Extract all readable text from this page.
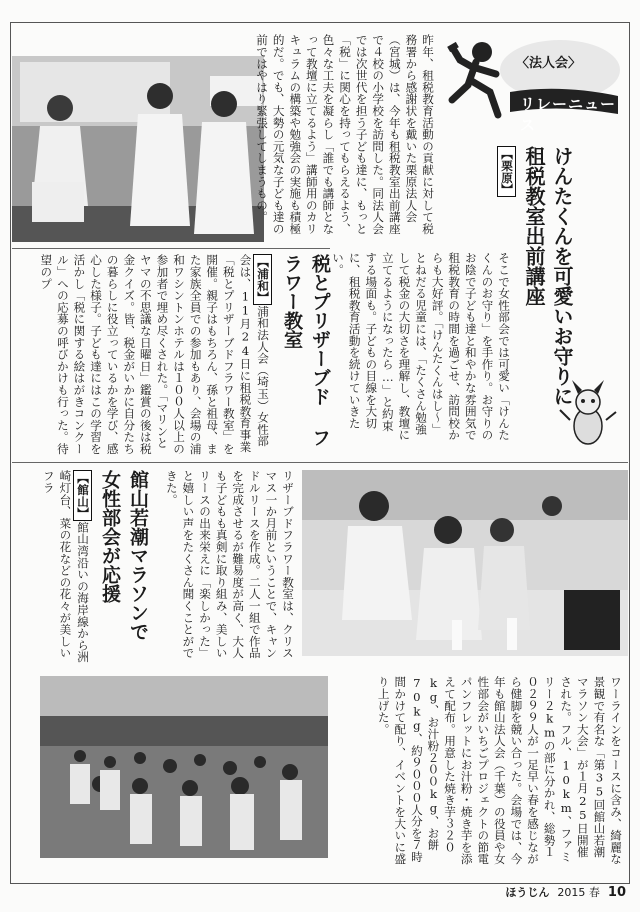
〈法人会〉
リレーニュース
昨年、租税教育活動の貢献に対して税務署から感謝状を戴いた栗原法人会（宮城）は、今年も租税教室出前講座で４校の小学校を訪問した。同法人会では次世代を担う子ども達に、もっと「税」に関心を持ってもらえるよう、色々な工夫を凝らし「誰でも講師となって教壇に立てるよう」講師用のカリキュラムの構築や勉強会の実施も積極的だ。でも、大勢の元気な子ども達の前ではやはり緊張してしまうもの。
けんたくんを可愛いお守りに 租税教室出前講座
【栗原】
そこで女性部会では可愛い「けんたくんのお守り」を手作り。お守りのお陰で子ども達と和やかな雰囲気で租税教育の時間を過ごせ、訪問校からも大好評。「けんたくんはし～」とねだる児童には、「たくさん勉強して税金の大切さを理解し、教壇に立てるようになったら…」と約束する場面も。子どもの目線を大切に、租税教育活動を続けていきたい。
税とプリザーブド フラワー教室
【浦和】浦和法人会（埼玉）女性部会は、11月24日に租税教育事業「税とプリザーブドフラワー教室」を開催。親子はもちろん、孫と祖母、また家族全員での参加もあり、会場の浦和ワシントンホテルは１００人以上の参加者で埋め尽くされた。「マリンとヤマの不思議な日曜日」鑑賞の後は税金クイズ。皆、税金がいかに自分たちの暮らしに役立っているかを学び、感心した様子。子ども達にはこの学習を活かし「税に関する絵はがきコンクール」への応募の呼びかけも行った。待望のプ
館山若潮マラソンで 女性部会が応援	リザーブドフラワー教室は、クリスマス一か月前ということで、キャンドルリースを作成。二人一組で作品を完成させるが難易度が高く、大人も子どもも真剣に取り組み、美しいリースの出来栄えに「楽しかった」と嬉しい声をたくさん聞くことができた。
【館山】館山湾沿いの海岸線から洲崎灯台、菜の花などの花々が美しいフラ
ワーラインをコースに含み、綺麗な景観で有名な「第35回館山若潮マラソン大会」が１月25日開催された。フル、10km、ファミリー２kmの部に分かれ、総勢１０２９９人が一足早い春を感じながら健脚を競い合った。会場では、今年も館山法人会（千葉）の役員や女性部会がいちごプロジェクトの節電パンフレットにお汁粉・焼き芋を添えて配布。用意した焼き芋３２０kg、お汁粉２００kg、お餅70kg、約９０００人分を７時間かけて配り、イベントを大いに盛り上げた。
ほうじん 2015 春 10
